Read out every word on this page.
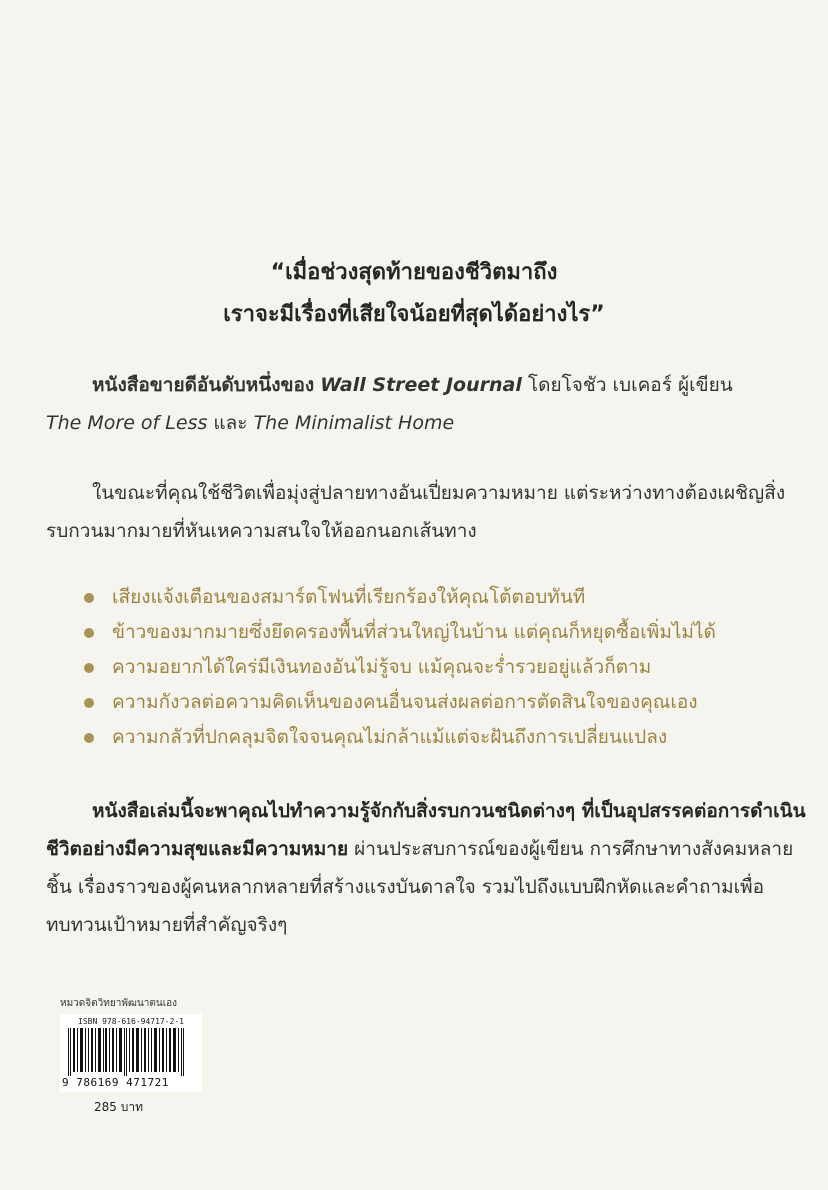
“เมื่อช่วงสุดท้ายของชีวิตมาถึง
เราจะมีเรื่องที่เสียใจน้อยที่สุดได้อย่างไร”
หนังสือขายดีอันดับหนึ่งของ Wall Street Journal โดยโจชัว เบเคอร์ ผู้เขียน
The More of Less และ The Minimalist Home
ในขณะที่คุณใช้ชีวิตเพื่อมุ่งสู่ปลายทางอันเปี่ยมความหมาย แต่ระหว่างทางต้องเผชิญสิ่งรบกวนมากมายที่หันเหความสนใจให้ออกนอกเส้นทาง
เสียงแจ้งเตือนของสมาร์ตโฟนที่เรียกร้องให้คุณโต้ตอบทันที
ข้าวของมากมายซึ่งยึดครองพื้นที่ส่วนใหญ่ในบ้าน แต่คุณก็หยุดซื้อเพิ่มไม่ได้
ความอยากได้ใคร่มีเงินทองอันไม่รู้จบ แม้คุณจะร่ำรวยอยู่แล้วก็ตาม
ความกังวลต่อความคิดเห็นของคนอื่นจนส่งผลต่อการตัดสินใจของคุณเอง
ความกลัวที่ปกคลุมจิตใจจนคุณไม่กล้าแม้แต่จะฝันถึงการเปลี่ยนแปลง
หนังสือเล่มนี้จะพาคุณไปทำความรู้จักกับสิ่งรบกวนชนิดต่างๆ ที่เป็นอุปสรรคต่อการดำเนินชีวิตอย่างมีความสุขและมีความหมาย ผ่านประสบการณ์ของผู้เขียน การศึกษาทางสังคมหลายชิ้น เรื่องราวของผู้คนหลากหลายที่สร้างแรงบันดาลใจ รวมไปถึงแบบฝึกหัดและคำถามเพื่อทบทวนเป้าหมายที่สำคัญจริงๆ
หมวดจิตวิทยาพัฒนาตนเอง
ISBN 978-616-94717-2-1
9 786169 471721
285 บาท
